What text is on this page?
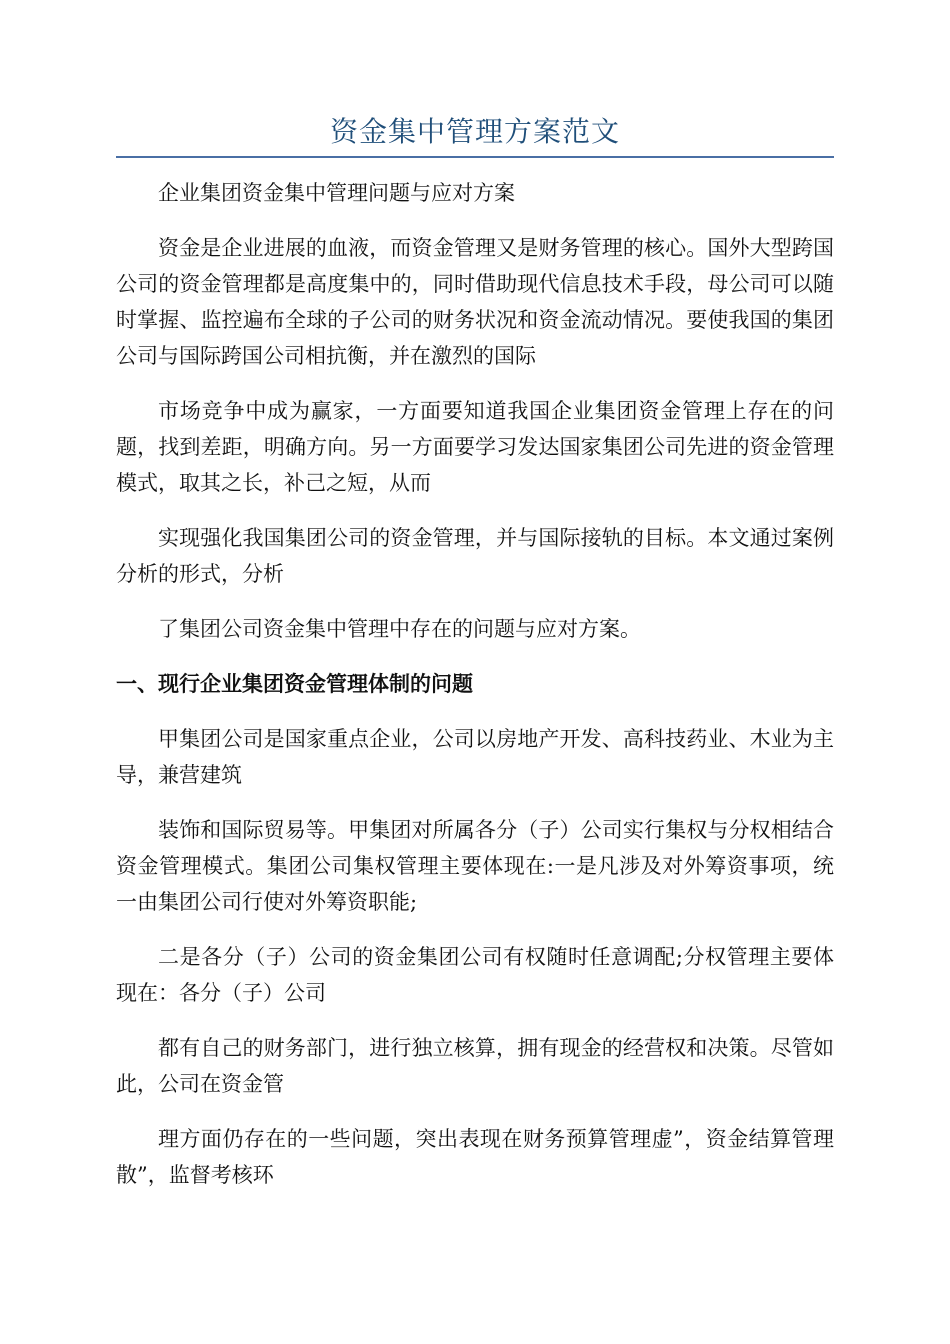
资金集中管理方案范文

企业集团资金集中管理问题与应对方案

资金是企业进展的血液，而资金管理又是财务管理的核心。国外大型跨国公司的资金管理都是高度集中的，同时借助现代信息技术手段，母公司可以随时掌握、监控遍布全球的子公司的财务状况和资金流动情况。要使我国的集团公司与国际跨国公司相抗衡，并在激烈的国际

市场竞争中成为赢家，一方面要知道我国企业集团资金管理上存在的问题，找到差距，明确方向。另一方面要学习发达国家集团公司先进的资金管理模式，取其之长，补己之短，从而

实现强化我国集团公司的资金管理，并与国际接轨的目标。本文通过案例分析的形式，分析

了集团公司资金集中管理中存在的问题与应对方案。

一、现行企业集团资金管理体制的问题

甲集团公司是国家重点企业，公司以房地产开发、高科技药业、木业为主导，兼营建筑

装饰和国际贸易等。甲集团对所属各分（子）公司实行集权与分权相结合资金管理模式。集团公司集权管理主要体现在:一是凡涉及对外筹资事项，统一由集团公司行使对外筹资职能;

二是各分（子）公司的资金集团公司有权随时任意调配;分权管理主要体现在：各分（子）公司

都有自己的财务部门，进行独立核算，拥有现金的经营权和决策。尽管如此，公司在资金管

理方面仍存在的一些问题，突出表现在财务预算管理虚”，资金结算管理散”，监督考核环
